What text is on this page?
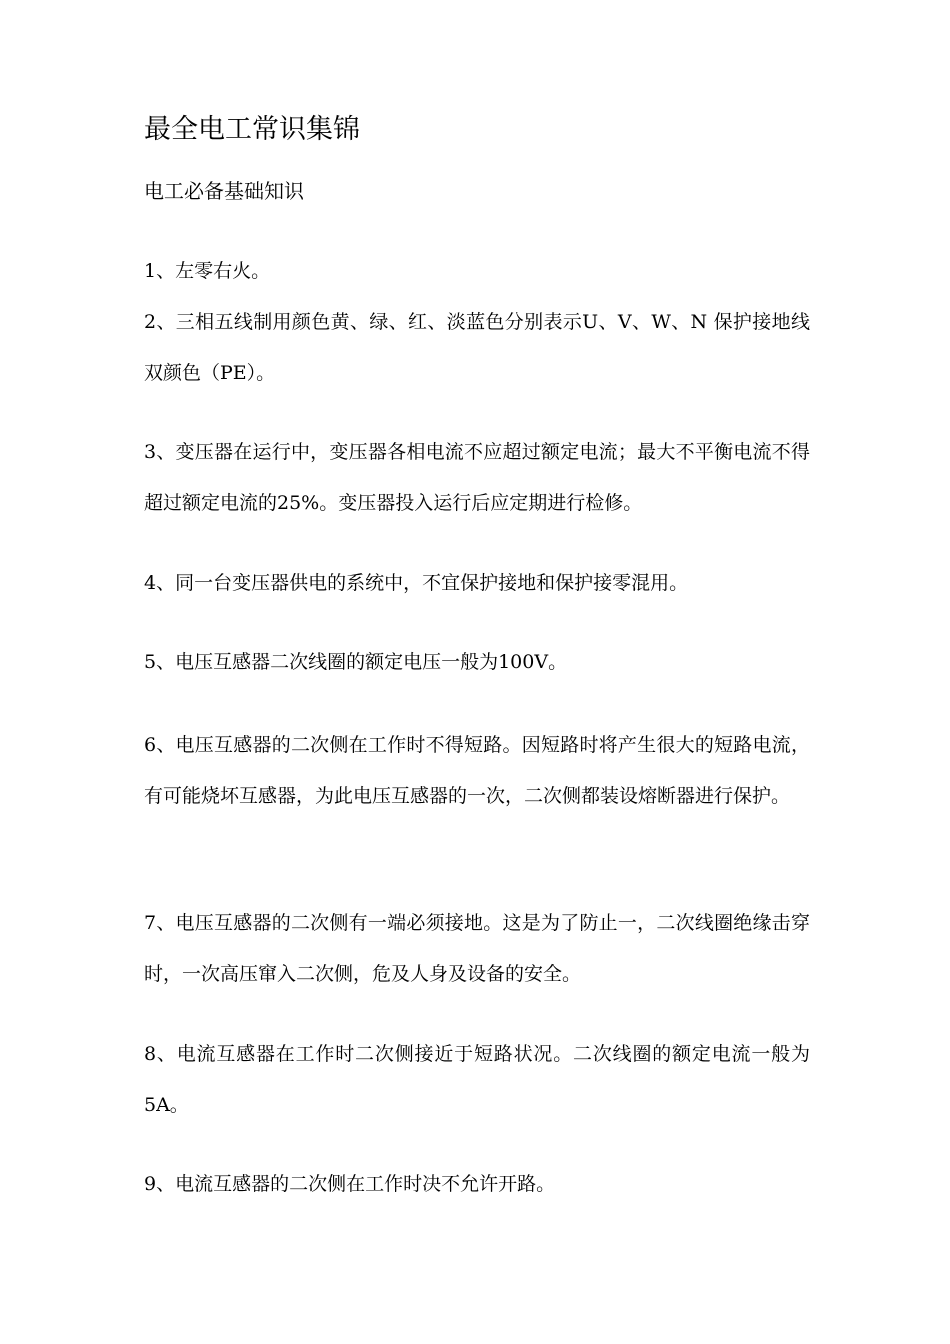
最全电工常识集锦
电工必备基础知识

1、左零右火。

2、三相五线制用颜色黄、绿、红、淡蓝色分别表示U、V、W、N 保护接地线双颜色（PE）。

3、变压器在运行中，变压器各相电流不应超过额定电流；最大不平衡电流不得超过额定电流的25%。变压器投入运行后应定期进行检修。

4、同一台变压器供电的系统中，不宜保护接地和保护接零混用。

5、电压互感器二次线圈的额定电压一般为100V。

6、电压互感器的二次侧在工作时不得短路。因短路时将产生很大的短路电流，有可能烧坏互感器，为此电压互感器的一次，二次侧都装设熔断器进行保护。

7、电压互感器的二次侧有一端必须接地。这是为了防止一，二次线圈绝缘击穿时，一次高压窜入二次侧，危及人身及设备的安全。

8、电流互感器在工作时二次侧接近于短路状况。二次线圈的额定电流一般为5A。

9、电流互感器的二次侧在工作时决不允许开路。
